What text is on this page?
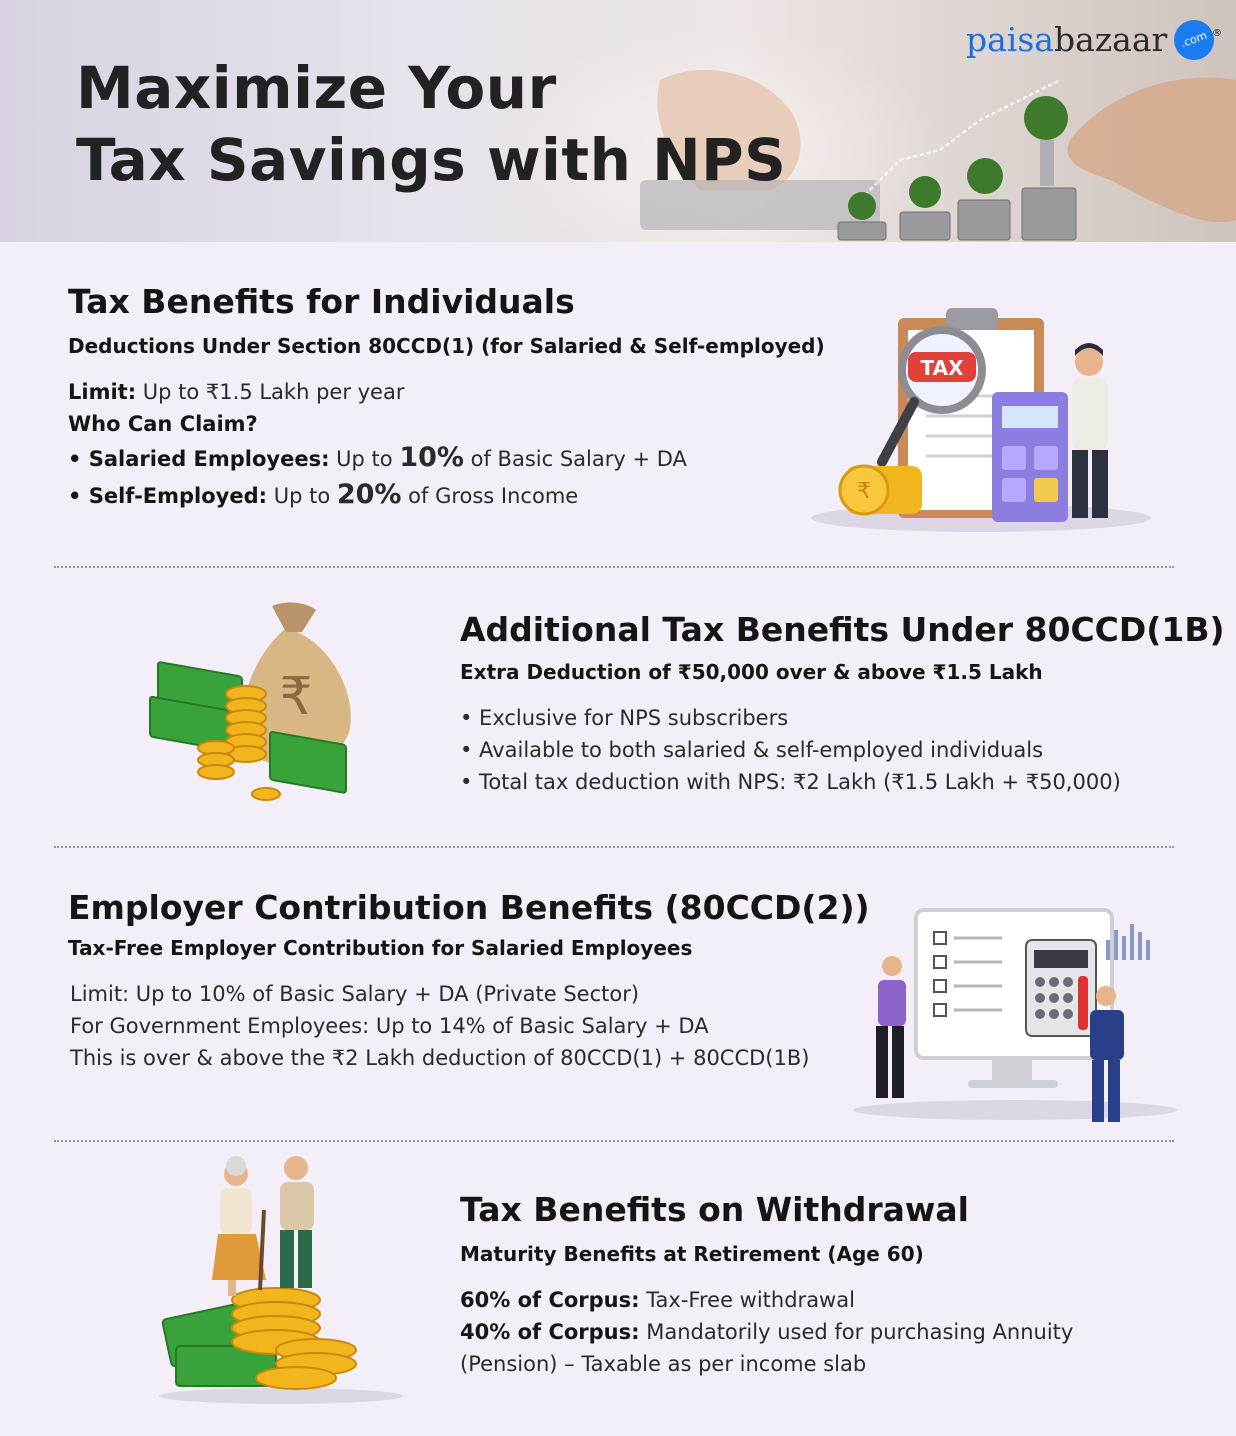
Maximize Your
Tax Savings with NPS
paisabazaar	.com ®
Tax Benefits for Individuals
Deductions Under Section 80CCD(1) (for Salaried & Self-employed)
Limit: Up to ₹1.5 Lakh per year
Who Can Claim?
• Salaried Employees: Up to 10% of Basic Salary + DA
• Self-Employed: Up to 20% of Gross Income
TAX
₹
₹
Additional Tax Benefits Under 80CCD(1B)
Extra Deduction of ₹50,000 over & above ₹1.5 Lakh
• Exclusive for NPS subscribers
• Available to both salaried & self-employed individuals
• Total tax deduction with NPS: ₹2 Lakh (₹1.5 Lakh + ₹50,000)
Employer Contribution Benefits (80CCD(2))
Tax-Free Employer Contribution for Salaried Employees
Limit: Up to 10% of Basic Salary + DA (Private Sector)
For Government Employees: Up to 14% of Basic Salary + DA
This is over & above the ₹2 Lakh deduction of 80CCD(1) + 80CCD(1B)
Tax Benefits on Withdrawal
Maturity Benefits at Retirement (Age 60)
60% of Corpus: Tax-Free withdrawal
40% of Corpus: Mandatorily used for purchasing Annuity
(Pension) – Taxable as per income slab
